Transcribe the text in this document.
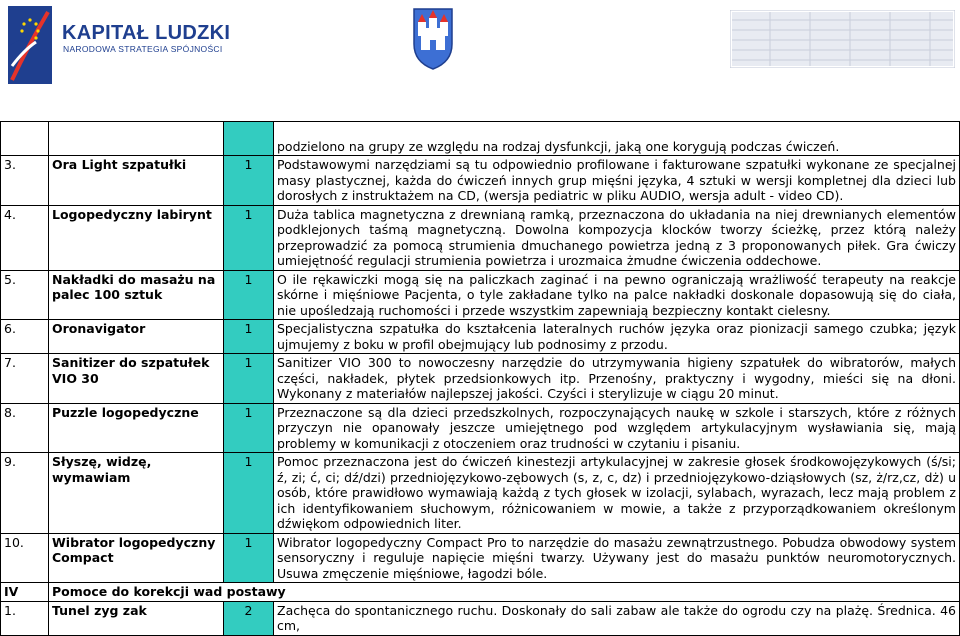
KAPITAŁ LUDZKI
NARODOWA STRATEGIA SPÓJNOŚCI
			podzielono na grupy ze względu na rodzaj dysfunkcji, jaką one korygują podczas ćwiczeń.
3.	Ora Light szpatułki	1	Podstawowymi narzędziami są tu odpowiednio profilowane i fakturowane szpatułki wykonane ze specjalnej masy plastycznej, każda do ćwiczeń innych grup mięśni języka, 4 sztuki w wersji kompletnej dla dzieci lub dorosłych z instruktażem na CD, (wersja pediatric w pliku AUDIO, wersja adult - video CD).
4.	Logopedyczny labirynt	1	Duża tablica magnetyczna z drewnianą ramką, przeznaczona do układania na niej drewnianych elementów podklejonych taśmą magnetyczną. Dowolna kompozycja klocków tworzy ścieżkę, przez którą należy przeprowadzić za pomocą strumienia dmuchanego powietrza jedną z 3 proponowanych piłek. Gra ćwiczy umiejętność regulacji strumienia powietrza i urozmaica żmudne ćwiczenia oddechowe.
5.	Nakładki do masażu na palec 100 sztuk	1	O ile rękawiczki mogą się na paliczkach zaginać i na pewno ograniczają wrażliwość terapeuty na reakcje skórne i mięśniowe Pacjenta, o tyle zakładane tylko na palce nakładki doskonale dopasowują się do ciała, nie upośledzają ruchomości i przede wszystkim zapewniają bezpieczny kontakt cielesny.
6.	Oronavigator	1	Specjalistyczna szpatułka do kształcenia lateralnych ruchów języka oraz pionizacji samego czubka; język ujmujemy z boku w profil obejmujący lub podnosimy z przodu.
7.	Sanitizer do szpatułek VIO 30	1	Sanitizer VIO 300 to nowoczesny narzędzie do utrzymywania higieny szpatułek do wibratorów, małych części, nakładek, płytek przedsionkowych itp. Przenośny, praktyczny i wygodny, mieści się na dłoni. Wykonany z materiałów najlepszej jakości. Czyści i sterylizuje w ciągu 20 minut.
8.	Puzzle logopedyczne	1	Przeznaczone są dla dzieci przedszkolnych, rozpoczynających naukę w szkole i starszych, które z różnych przyczyn nie opanowały jeszcze umiejętnego pod względem artykulacyjnym wysławiania się, mają problemy w komunikacji z otoczeniem oraz trudności w czytaniu i pisaniu.
9.	Słyszę, widzę, wymawiam	1	Pomoc przeznaczona jest do ćwiczeń kinestezji artykulacyjnej w zakresie głosek środkowojęzykowych (ś/si; ź, zi; ć, ci; dź/dzi) przedniojęzykowo-zębowych (s, z, c, dz) i przedniojęzykowo-dziąsłowych (sz, ż/rz,cz, dż) u osób, które prawidłowo wymawiają każdą z tych głosek w izolacji, sylabach, wyrazach, lecz mają problem z ich identyfikowaniem słuchowym, różnicowaniem w mowie, a także z przyporządkowaniem określonym dźwiękom odpowiednich liter.
10.	Wibrator logopedyczny Compact	1	Wibrator logopedyczny Compact Pro to narzędzie do masażu zewnątrzustnego. Pobudza obwodowy system sensoryczny i reguluje napięcie mięśni twarzy. Używany jest do masażu punktów neuromotorycznych. Usuwa zmęczenie mięśniowe, łagodzi bóle.
IV	Pomoce do korekcji wad postawy		
1.	Tunel zyg zak	2	Zachęca do spontanicznego ruchu. Doskonały do sali zabaw ale także do ogrodu czy na plażę. Średnica. 46 cm,
